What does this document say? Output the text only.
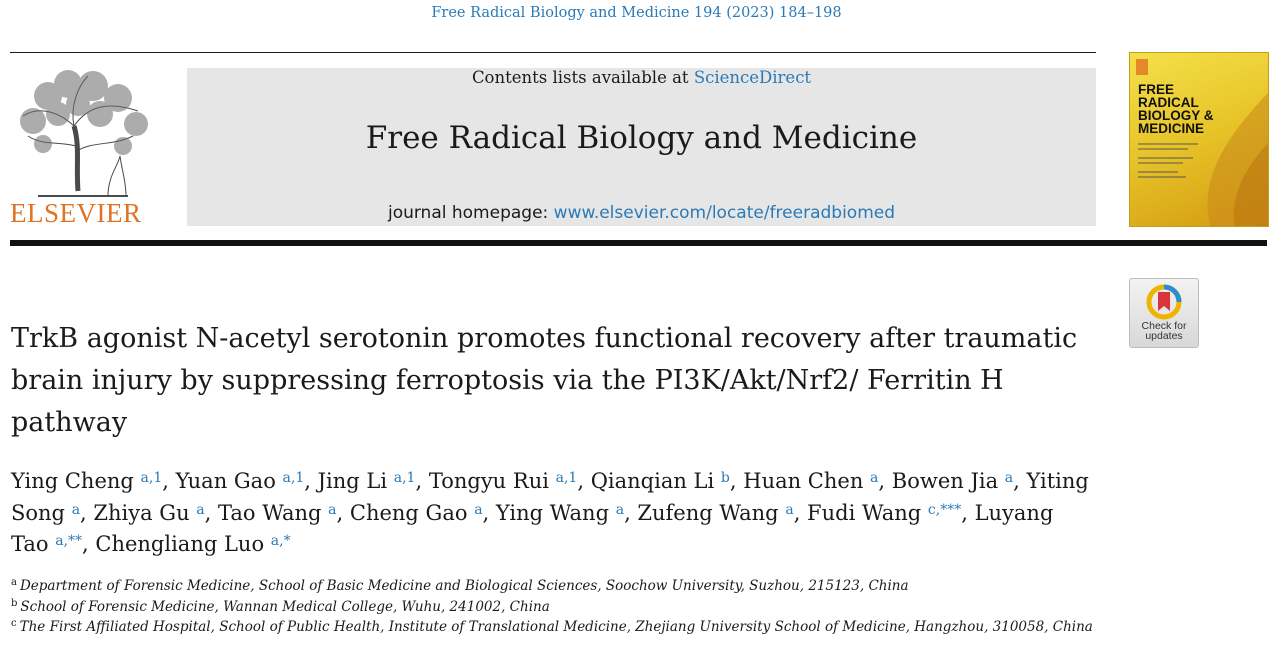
Free Radical Biology and Medicine 194 (2023) 184–198
ELSEVIER
Contents lists available at ScienceDirect
Free Radical Biology and Medicine
journal homepage: www.elsevier.com/locate/freeradbiomed
FREE
RADICAL
BIOLOGY &
MEDICINE
Check for
updates
TrkB agonist N-acetyl serotonin promotes functional recovery after traumatic brain injury by suppressing ferroptosis via the PI3K/Akt/Nrf2/ Ferritin H pathway
Ying Cheng $^{a,1}$, Yuan Gao $^{a,1}$, Jing Li $^{a,1}$, Tongyu Rui $^{a,1}$, Qianqian Li $^b$, Huan Chen $^a$, Bowen Jia $^a$, Yiting Song $^a$, Zhiya Gu $^a$, Tao Wang $^a$, Cheng Gao $^a$, Ying Wang $^a$, Zufeng Wang $^a$, Fudi Wang $^{c,***}$, Luyang Tao $^{a,**}$, Chengliang Luo $^{a,*}$
$^a$ Department of Forensic Medicine, School of Basic Medicine and Biological Sciences, Soochow University, Suzhou, 215123, China
$^b$ School of Forensic Medicine, Wannan Medical College, Wuhu, 241002, China
$^c$ The First Affiliated Hospital, School of Public Health, Institute of Translational Medicine, Zhejiang University School of Medicine, Hangzhou, 310058, China
